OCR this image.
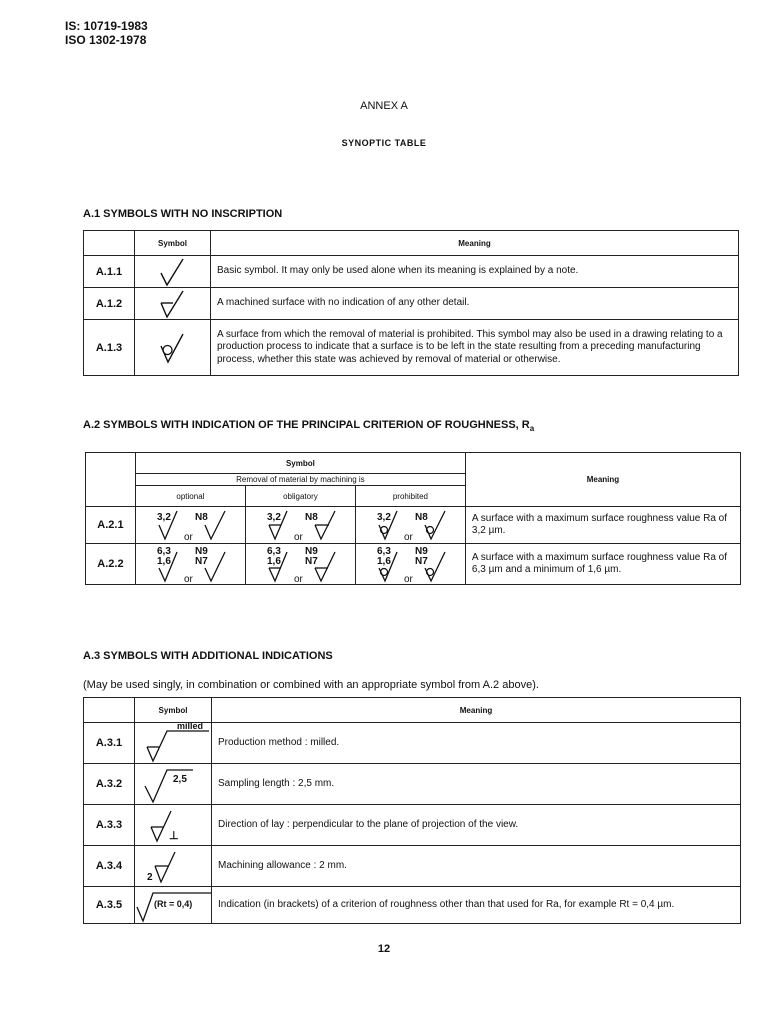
IS: 10719-1983
ISO 1302-1978
ANNEX A
SYNOPTIC TABLE
A.1 SYMBOLS WITH NO INSCRIPTION
	Symbol	Meaning
A.1.1		Basic symbol. It may only be used alone when its meaning is explained by a note.
A.1.2		A machined surface with no indication of any other detail.
A.1.3		A surface from which the removal of material is prohibited. This symbol may also be used in a drawing relating to a production process to indicate that a surface is to be left in the state resulting from a preceding manufacturing process, whether this state was achieved by removal of material or otherwise.
A.2 SYMBOLS WITH INDICATION OF THE PRINCIPAL CRITERION OF ROUGHNESS, $R_a$
	Symbol			Meaning
	Removal of material by machining is			
	optional	obligatory	prohibited	
A.2.1	3,2
or
N8	3,2
or
N8	3,2
or
N8	A surface with a maximum surface roughness value Ra of 3,2 µm.
A.2.2	6,3
1,6
or
N9
N7	6,3
1,6
or
N9
N7	6,3
1,6
or
N9
N7	A surface with a maximum surface roughness value Ra of 6,3 µm and a minimum of 1,6 µm.
A.3 SYMBOLS WITH ADDITIONAL INDICATIONS
(May be used singly, in combination or combined with an appropriate symbol from A.2 above).
	Symbol	Meaning
A.3.1	milled	Production method : milled.
A.3.2	2,5	Sampling length : 2,5 mm.
A.3.3	⊥	Direction of lay : perpendicular to the plane of projection of the view.
A.3.4	2	Machining allowance : 2 mm.
A.3.5	(Rt = 0,4)	Indication (in brackets) of a criterion of roughness other than that used for Ra, for example Rt = 0,4 µm.
12
